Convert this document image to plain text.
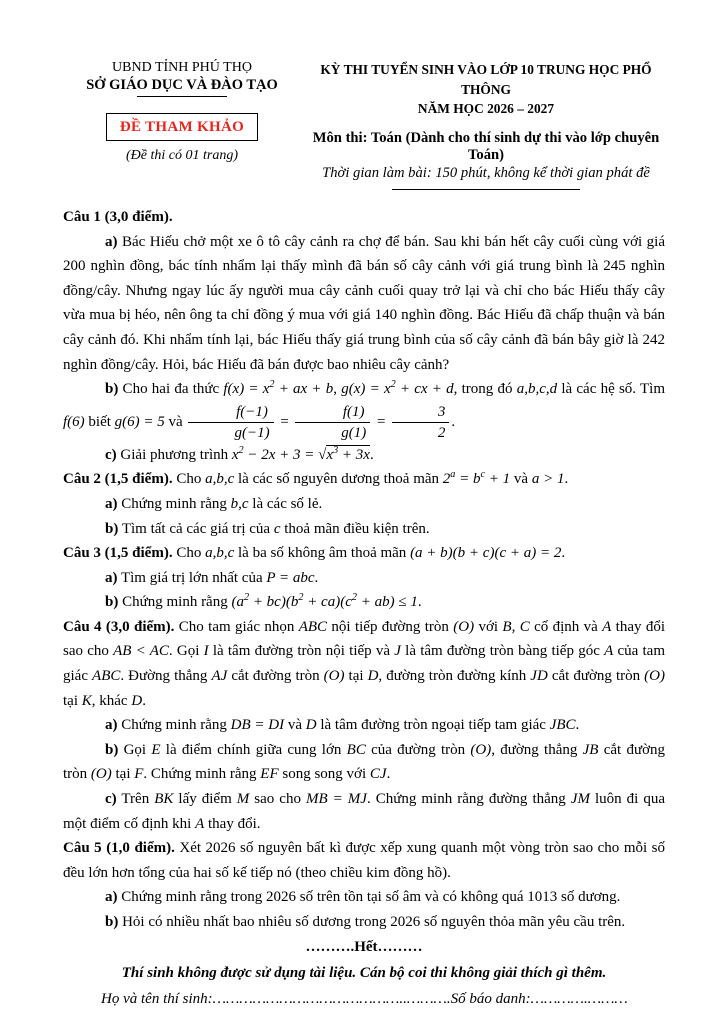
UBND TỈNH PHÚ THỌ
SỞ GIÁO DỤC VÀ ĐÀO TẠO
ĐỀ THAM KHẢO
(Đề thi có 01 trang)
KỲ THI TUYỂN SINH VÀO LỚP 10 TRUNG HỌC PHỔ THÔNG
NĂM HỌC 2026 – 2027
Môn thi: Toán (Dành cho thí sinh dự thi vào lớp chuyên Toán)
Thời gian làm bài: 150 phút, không kể thời gian phát đề

Câu 1 (3,0 điểm).

a) Bác Hiếu chở một xe ô tô cây cảnh ra chợ để bán. Sau khi bán hết cây cuối cùng với giá 200 nghìn đồng, bác tính nhẩm lại thấy mình đã bán số cây cảnh với giá trung bình là 245 nghìn đồng/cây. Nhưng ngay lúc ấy người mua cây cảnh cuối quay trở lại và chỉ cho bác Hiếu thấy cây vừa mua bị héo, nên ông ta chỉ đồng ý mua với giá 140 nghìn đồng. Bác Hiếu đã chấp thuận và bán cây cảnh đó. Khi nhẩm tính lại, bác Hiếu thấy giá trung bình của số cây cảnh đã bán bây giờ là 242 nghìn đồng/cây. Hỏi, bác Hiếu đã bán được bao nhiêu cây cảnh?

b) Cho hai đa thức $f(x) = x^2$ + ax + b, $g(x) = x^2$ + cx + d, trong đó a,b,c,d là các hệ số. Tìm f(6) biết g(6) = 5 và $\frac{f(-1)}{g(-1)} = \frac{f(1)}{g(1)} = \frac{3}{2}$ .

c) Giải phương trình $x^2 - 2x + 3 = √x^3 + 3x$.

Câu 2 (1,5 điểm). Cho a,b,c là các số nguyên dương thoả mãn $2^a = b^c + 1$ và a > 1.

a) Chứng minh rằng b,c là các số lẻ.

b) Tìm tất cả các giá trị của c thoả mãn điều kiện trên.

Câu 3 (1,5 điểm). Cho a,b,c là ba số không âm thoả mãn (a + b)(b + c)(c + a) = 2.

a) Tìm giá trị lớn nhất của P = abc.

b) Chứng minh rằng $(a^2 + bc)(b^2 + ca)(c^2 + ab) \le 1$.

Câu 4 (3,0 điểm). Cho tam giác nhọn ABC nội tiếp đường tròn (O) với B, C cố định và A thay đổi sao cho AB < AC. Gọi I là tâm đường tròn nội tiếp và J là tâm đường tròn bàng tiếp góc A của tam giác ABC. Đường thẳng AJ cắt đường tròn (O) tại D, đường tròn đường kính JD cắt đường tròn (O) tại K, khác D.

a) Chứng minh rằng DB = DI và D là tâm đường tròn ngoại tiếp tam giác JBC.

b) Gọi E là điểm chính giữa cung lớn BC của đường tròn (O), đường thẳng JB cắt đường tròn (O) tại F. Chứng minh rằng EF song song với CJ.

c) Trên BK lấy điểm M sao cho MB = MJ. Chứng minh rằng đường thẳng JM luôn đi qua một điểm cố định khi A thay đổi.

Câu 5 (1,0 điểm). Xét 2026 số nguyên bất kì được xếp xung quanh một vòng tròn sao cho mỗi số đều lớn hơn tổng của hai số kế tiếp nó (theo chiều kim đồng hồ).

a) Chứng minh rằng trong 2026 số trên tồn tại số âm và có không quá 1013 số dương.

b) Hỏi có nhiều nhất bao nhiêu số dương trong 2026 số nguyên thỏa mãn yêu cầu trên.

……….Hết………

Thí sinh không được sử dụng tài liệu. Cán bộ coi thi không giải thích gì thêm.

Họ và tên thí sinh:……………………………………..……….Số báo danh:………….………
